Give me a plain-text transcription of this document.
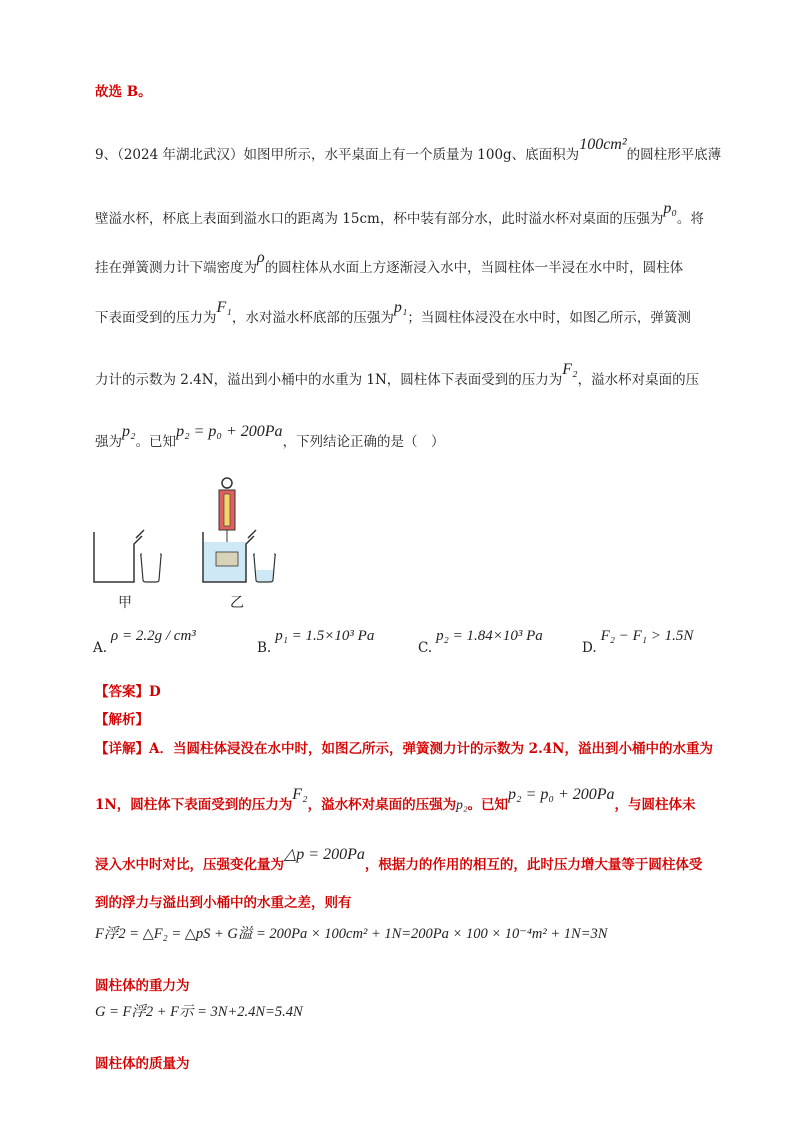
故选 B。
9、（2024 年湖北武汉）如图甲所示，水平桌面上有一个质量为 100g、底面积为100cm²的圆柱形平底薄
壁溢水杯，杯底上表面到溢水口的距离为 15cm，杯中装有部分水，此时溢水杯对桌面的压强为p₀。将
挂在弹簧测力计下端密度为ρ的圆柱体从水面上方逐渐浸入水中，当圆柱体一半浸在水中时，圆柱体
下表面受到的压力为F₁，水对溢水杯底部的压强为p₁；当圆柱体浸没在水中时，如图乙所示，弹簧测
力计的示数为 2.4N，溢出到小桶中的水重为 1N，圆柱体下表面受到的压力为F₂，溢水杯对桌面的压
强为p₂。已知p₂ = p₀ + 200Pa，下列结论正确的是（　）
甲	乙
A.ρ = 2.2g / cm³
B.p₁ = 1.5×10³ Pa
C.p₂ = 1.84×10³ Pa
D.F₂ − F₁ > 1.5N
【答案】D
【解析】
【详解】A．当圆柱体浸没在水中时，如图乙所示，弹簧测力计的示数为 2.4N，溢出到小桶中的水重为
1N，圆柱体下表面受到的压力为F₂，溢水杯对桌面的压强为p₂。已知p₂ = p₀ + 200Pa，与圆柱体未
浸入水中时对比，压强变化量为△p = 200Pa，根据力的作用的相互的，此时压力增大量等于圆柱体受
到的浮力与溢出到小桶中的水重之差，则有
F浮2 = △F₂ = △pS + G溢 = 200Pa × 100cm² + 1N=200Pa × 100 × 10⁻⁴m² + 1N=3N
圆柱体的重力为
G = F浮2 + F示 = 3N+2.4N=5.4N
圆柱体的质量为
